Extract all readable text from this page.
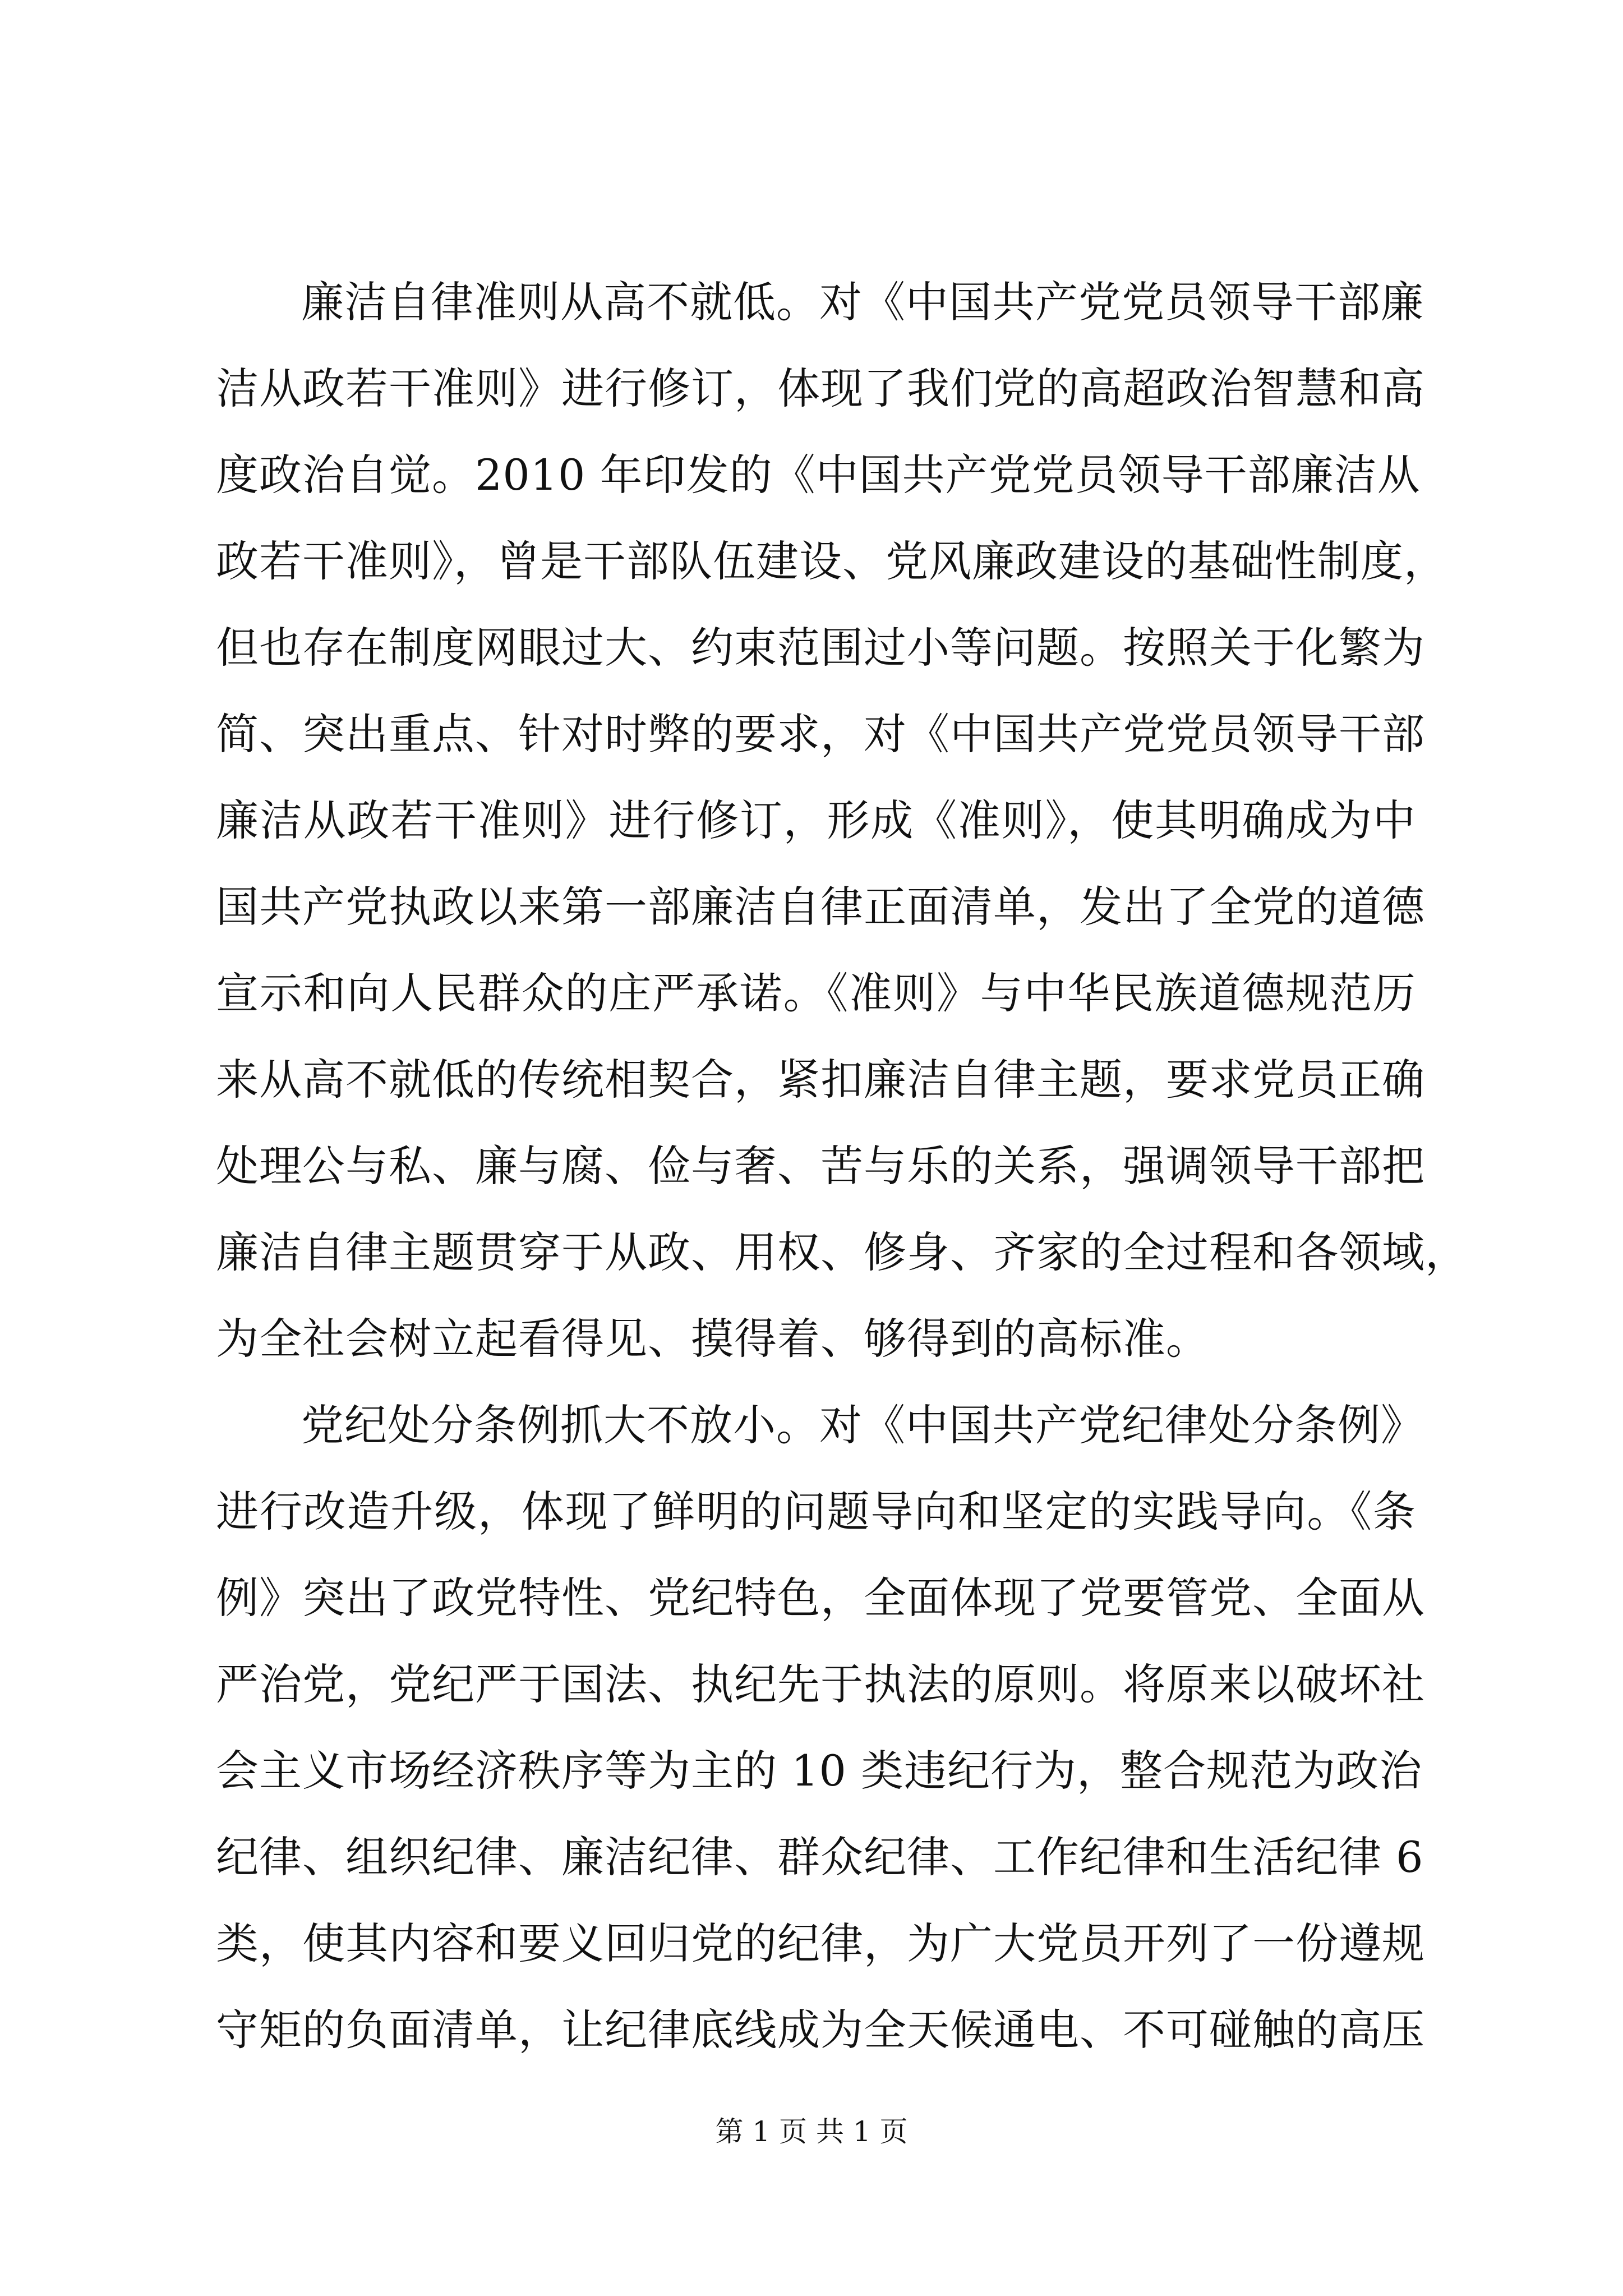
廉洁自律准则从高不就低。对《中国共产党党员领导干部廉
洁从政若干准则》进行修订，体现了我们党的高超政治智慧和高
度政治自觉。2010 年印发的《中国共产党党员领导干部廉洁从
政若干准则》，曾是干部队伍建设、党风廉政建设的基础性制度，
但也存在制度网眼过大、约束范围过小等问题。按照关于化繁为
简、突出重点、针对时弊的要求，对《中国共产党党员领导干部
廉洁从政若干准则》进行修订，形成《准则》，使其明确成为中
国共产党执政以来第一部廉洁自律正面清单，发出了全党的道德
宣示和向人民群众的庄严承诺。《准则》与中华民族道德规范历
来从高不就低的传统相契合，紧扣廉洁自律主题，要求党员正确
处理公与私、廉与腐、俭与奢、苦与乐的关系，强调领导干部把
廉洁自律主题贯穿于从政、用权、修身、齐家的全过程和各领域，
为全社会树立起看得见、摸得着、够得到的高标准。
党纪处分条例抓大不放小。对《中国共产党纪律处分条例》
进行改造升级，体现了鲜明的问题导向和坚定的实践导向。《条
例》突出了政党特性、党纪特色，全面体现了党要管党、全面从
严治党，党纪严于国法、执纪先于执法的原则。将原来以破坏社
会主义市场经济秩序等为主的 10 类违纪行为，整合规范为政治
纪律、组织纪律、廉洁纪律、群众纪律、工作纪律和生活纪律 6
类，使其内容和要义回归党的纪律，为广大党员开列了一份遵规
守矩的负面清单，让纪律底线成为全天候通电、不可碰触的高压
第 1 页 共 1 页
